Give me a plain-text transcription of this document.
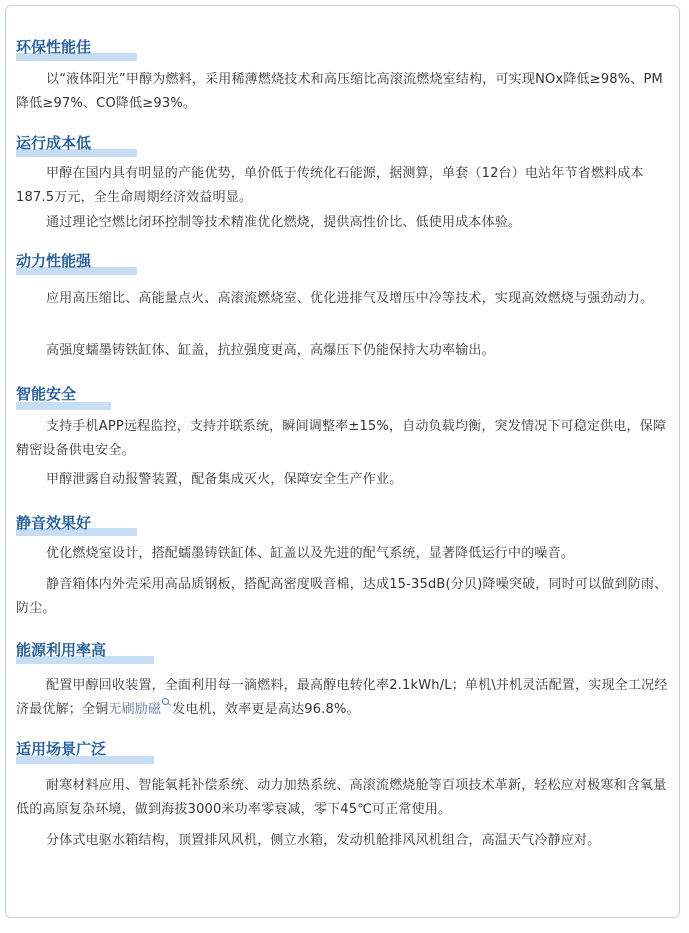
环保性能佳

以“液体阳光”甲醇为燃料，采用稀薄燃烧技术和高压缩比高滚流燃烧室结构，可实现NOx降低≥98%、PM降低≥97%、CO降低≥93%。

运行成本低

甲醇在国内具有明显的产能优势，单价低于传统化石能源，据测算，单套（12台）电站年节省燃料成本187.5万元，全生命周期经济效益明显。

通过理论空燃比闭环控制等技术精准优化燃烧，提供高性价比、低使用成本体验。

动力性能强

应用高压缩比、高能量点火、高滚流燃烧室、优化进排气及增压中冷等技术，实现高效燃烧与强劲动力。

高强度蠕墨铸铁缸体、缸盖，抗拉强度更高，高爆压下仍能保持大功率输出。

智能安全

支持手机APP远程监控，支持并联系统，瞬间调整率±15%，自动负载均衡，突发情况下可稳定供电，保障精密设备供电安全。

甲醇泄露自动报警装置，配备集成灭火，保障安全生产作业。

静音效果好

优化燃烧室设计，搭配蠕墨铸铁缸体、缸盖以及先进的配气系统，显著降低运行中的噪音。

静音箱体内外壳采用高品质钢板，搭配高密度吸音棉，达成15-35dB(分贝)降噪突破，同时可以做到防雨、防尘。

能源利用率高

配置甲醇回收装置，全面利用每一滴燃料，最高醇电转化率2.1kWh/L；单机\并机灵活配置，实现全工况经济最优解；全铜无刷励磁 发电机，效率更是高达96.8%。

适用场景广泛

耐寒材料应用、智能氧耗补偿系统、动力加热系统、高滚流燃烧舱等百项技术革新，轻松应对极寒和含氧量低的高原复杂环境，做到海拔3000米功率零衰减，零下45℃可正常使用。

分体式电驱水箱结构，顶置排风风机，侧立水箱，发动机舱排风风机组合，高温天气冷静应对。
